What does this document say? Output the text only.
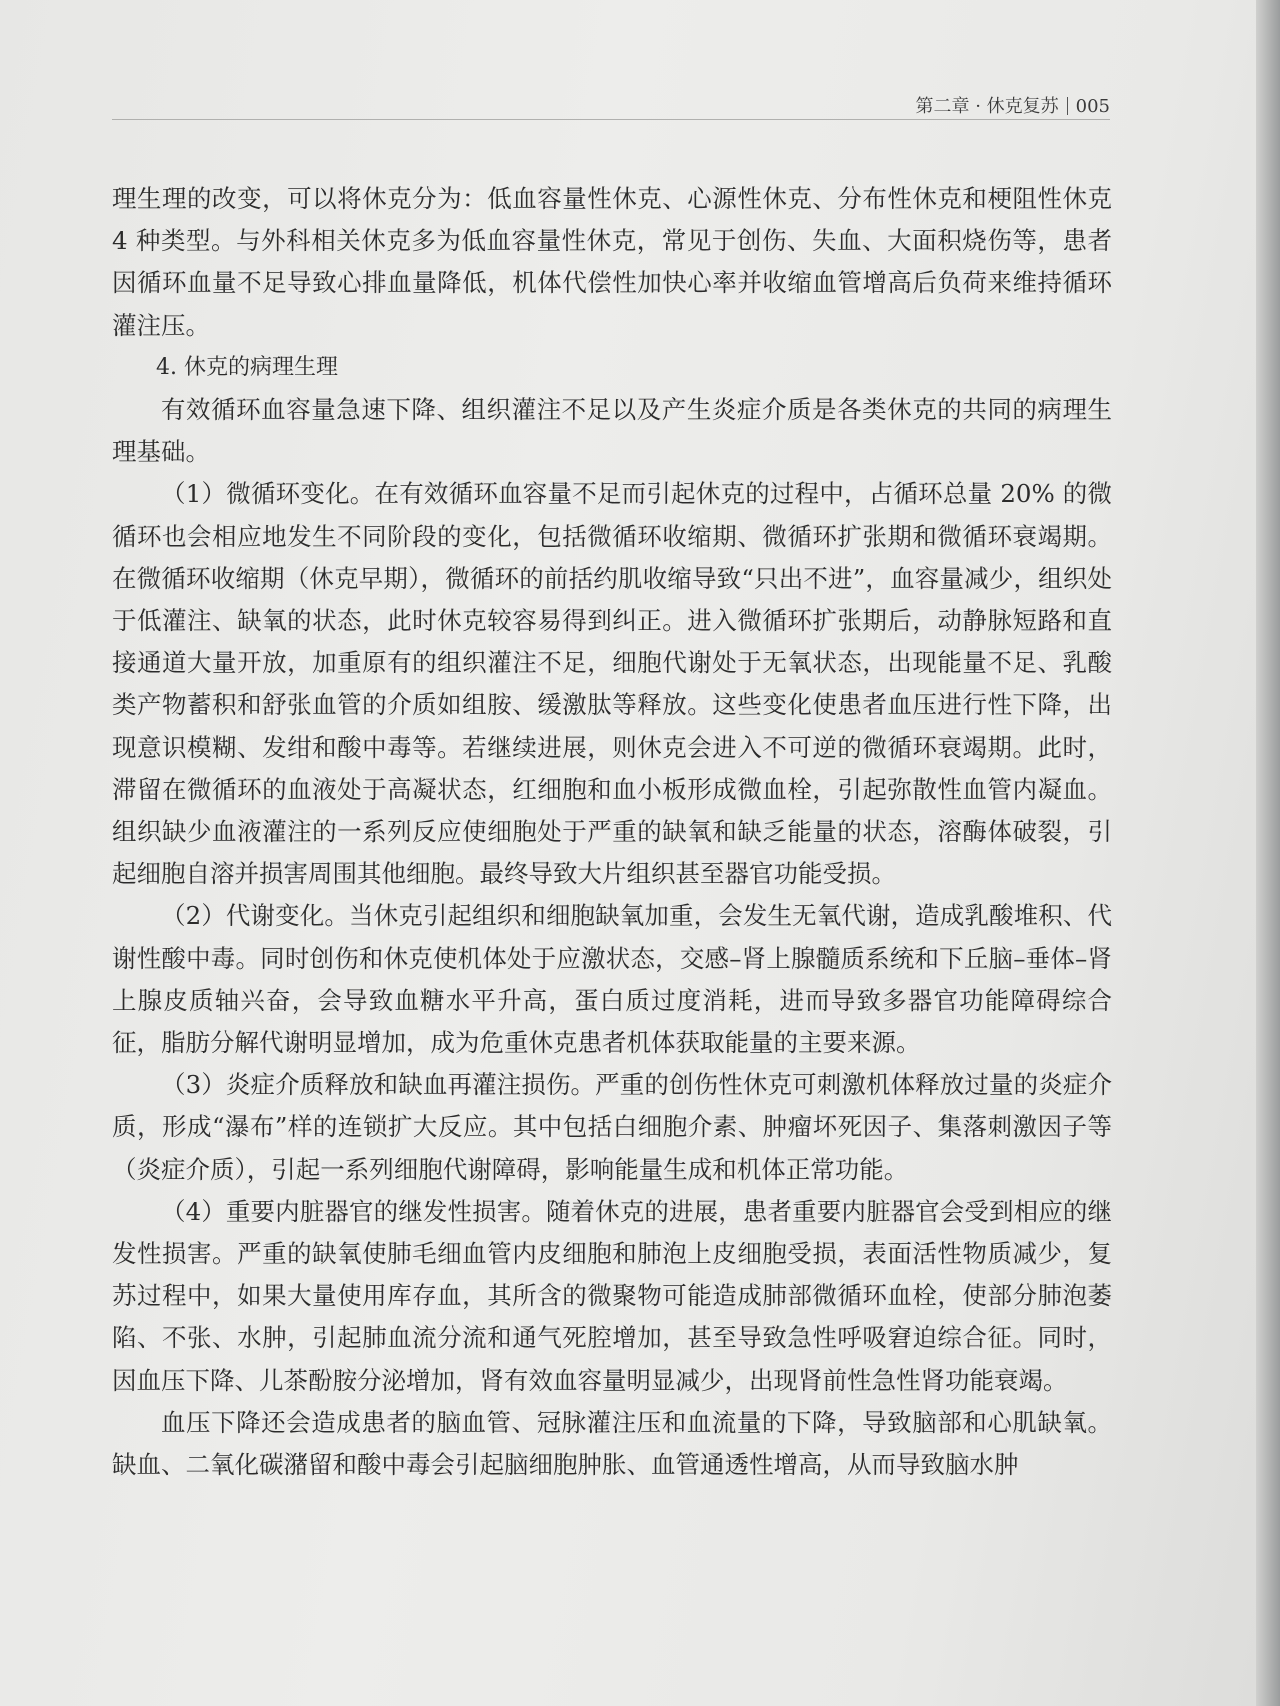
第二章 · 休克复苏 005

理生理的改变，可以将休克分为：低血容量性休克、心源性休克、分布性休克和梗阻性休克 4 种类型。与外科相关休克多为低血容量性休克，常见于创伤、失血、大面积烧伤等，患者因循环血量不足导致心排血量降低，机体代偿性加快心率并收缩血管增高后负荷来维持循环灌注压。

4. 休克的病理生理

有效循环血容量急速下降、组织灌注不足以及产生炎症介质是各类休克的共同的病理生理基础。

（1）微循环变化。在有效循环血容量不足而引起休克的过程中，占循环总量 20% 的微循环也会相应地发生不同阶段的变化，包括微循环收缩期、微循环扩张期和微循环衰竭期。在微循环收缩期（休克早期），微循环的前括约肌收缩导致“只出不进”，血容量减少，组织处于低灌注、缺氧的状态，此时休克较容易得到纠正。进入微循环扩张期后，动静脉短路和直接通道大量开放，加重原有的组织灌注不足，细胞代谢处于无氧状态，出现能量不足、乳酸类产物蓄积和舒张血管的介质如组胺、缓激肽等释放。这些变化使患者血压进行性下降，出现意识模糊、发绀和酸中毒等。若继续进展，则休克会进入不可逆的微循环衰竭期。此时，滞留在微循环的血液处于高凝状态，红细胞和血小板形成微血栓，引起弥散性血管内凝血。组织缺少血液灌注的一系列反应使细胞处于严重的缺氧和缺乏能量的状态，溶酶体破裂，引起细胞自溶并损害周围其他细胞。最终导致大片组织甚至器官功能受损。

（2）代谢变化。当休克引起组织和细胞缺氧加重，会发生无氧代谢，造成乳酸堆积、代谢性酸中毒。同时创伤和休克使机体处于应激状态，交感–肾上腺髓质系统和下丘脑–垂体–肾上腺皮质轴兴奋，会导致血糖水平升高，蛋白质过度消耗，进而导致多器官功能障碍综合征，脂肪分解代谢明显增加，成为危重休克患者机体获取能量的主要来源。

（3）炎症介质释放和缺血再灌注损伤。严重的创伤性休克可刺激机体释放过量的炎症介质，形成“瀑布”样的连锁扩大反应。其中包括白细胞介素、肿瘤坏死因子、集落刺激因子等（炎症介质），引起一系列细胞代谢障碍，影响能量生成和机体正常功能。

（4）重要内脏器官的继发性损害。随着休克的进展，患者重要内脏器官会受到相应的继发性损害。严重的缺氧使肺毛细血管内皮细胞和肺泡上皮细胞受损，表面活性物质减少，复苏过程中，如果大量使用库存血，其所含的微聚物可能造成肺部微循环血栓，使部分肺泡萎陷、不张、水肿，引起肺血流分流和通气死腔增加，甚至导致急性呼吸窘迫综合征。同时，因血压下降、儿茶酚胺分泌增加，肾有效血容量明显减少，出现肾前性急性肾功能衰竭。

血压下降还会造成患者的脑血管、冠脉灌注压和血流量的下降，导致脑部和心肌缺氧。缺血、二氧化碳潴留和酸中毒会引起脑细胞肿胀、血管通透性增高，从而导致脑水肿
